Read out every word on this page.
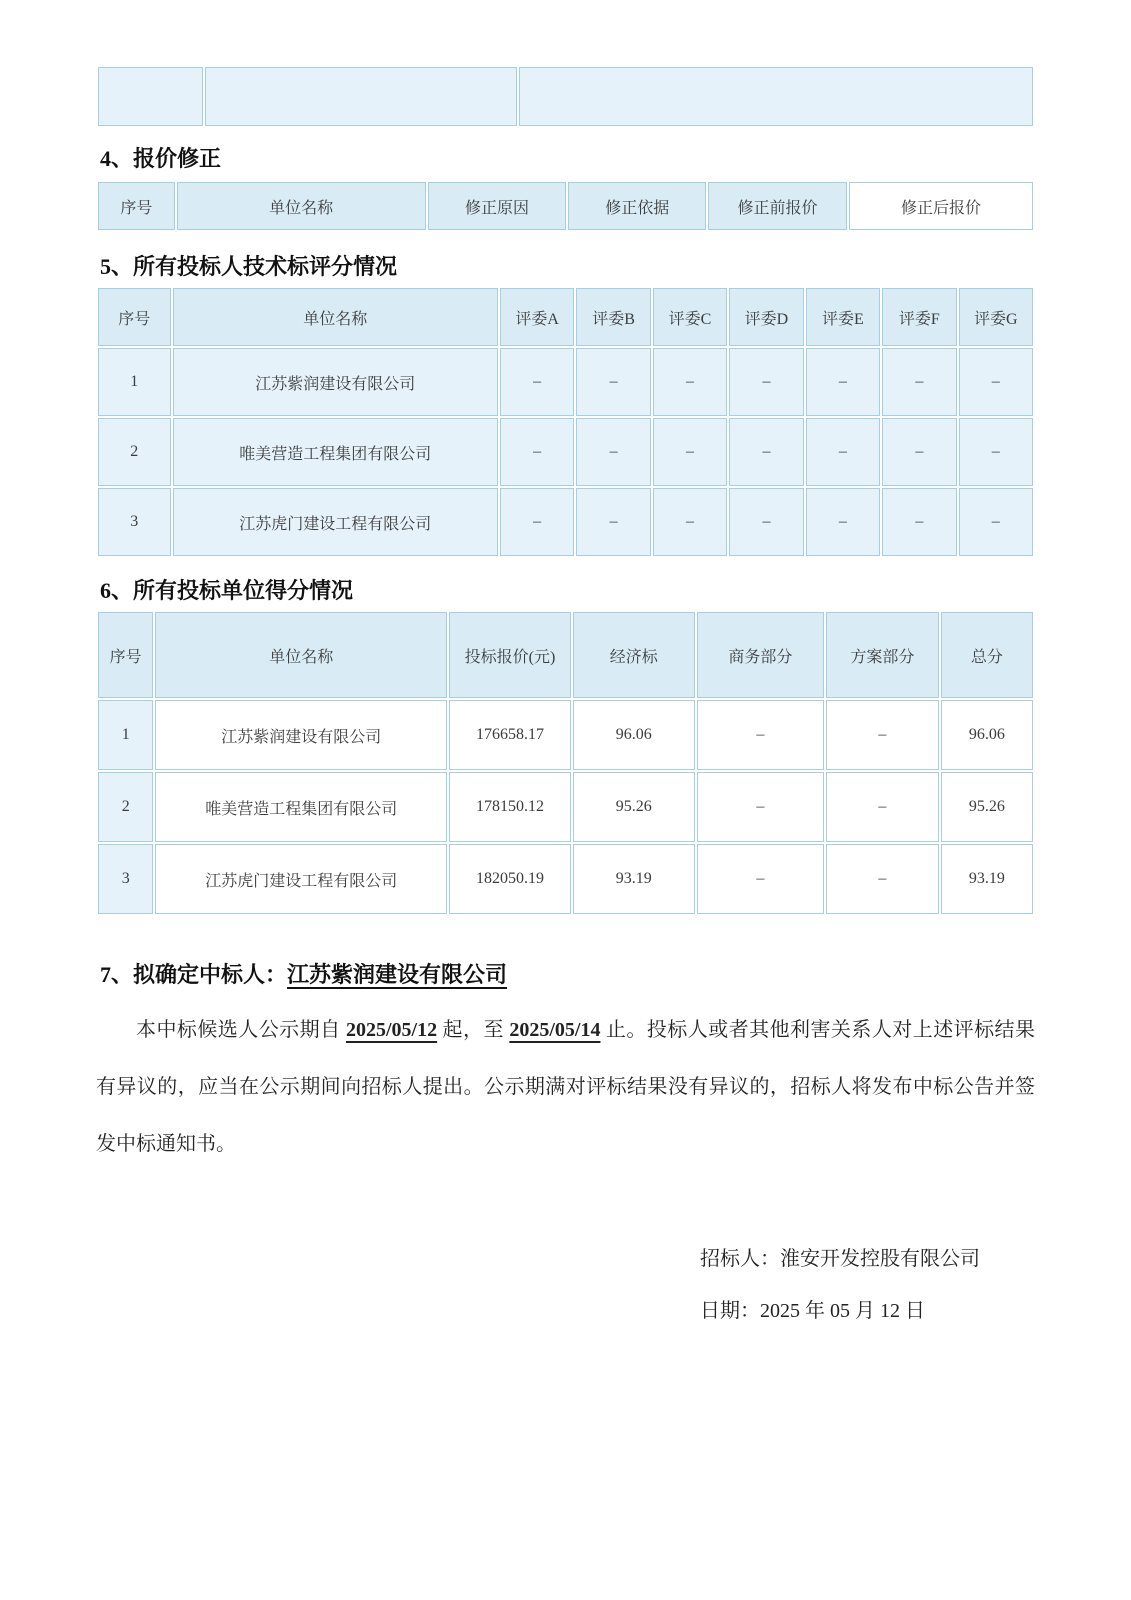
4、报价修正
序号	单位名称	修正原因	修正依据	修正前报价	修正后报价
5、所有投标人技术标评分情况
序号	单位名称	评委A	评委B	评委C	评委D	评委E	评委F	评委G
1	江苏紫润建设有限公司	–	–	–	–	–	–	–
2	唯美营造工程集团有限公司	–	–	–	–	–	–	–
3	江苏虎门建设工程有限公司	–	–	–	–	–	–	–
6、所有投标单位得分情况
序号	单位名称	投标报价(元)	经济标	商务部分	方案部分	总分
1	江苏紫润建设有限公司	176658.17	96.06	–	–	96.06
2	唯美营造工程集团有限公司	178150.12	95.26	–	–	95.26
3	江苏虎门建设工程有限公司	182050.19	93.19	–	–	93.19
7、拟确定中标人：江苏紫润建设有限公司

本中标候选人公示期自 2025/05/12 起，至 2025/05/14 止。投标人或者其他利害关系人对上述评标结果有异议的，应当在公示期间向招标人提出。公示期满对评标结果没有异议的，招标人将发布中标公告并签发中标通知书。

招标人：淮安开发控股有限公司
日期：2025 年 05 月 12 日
